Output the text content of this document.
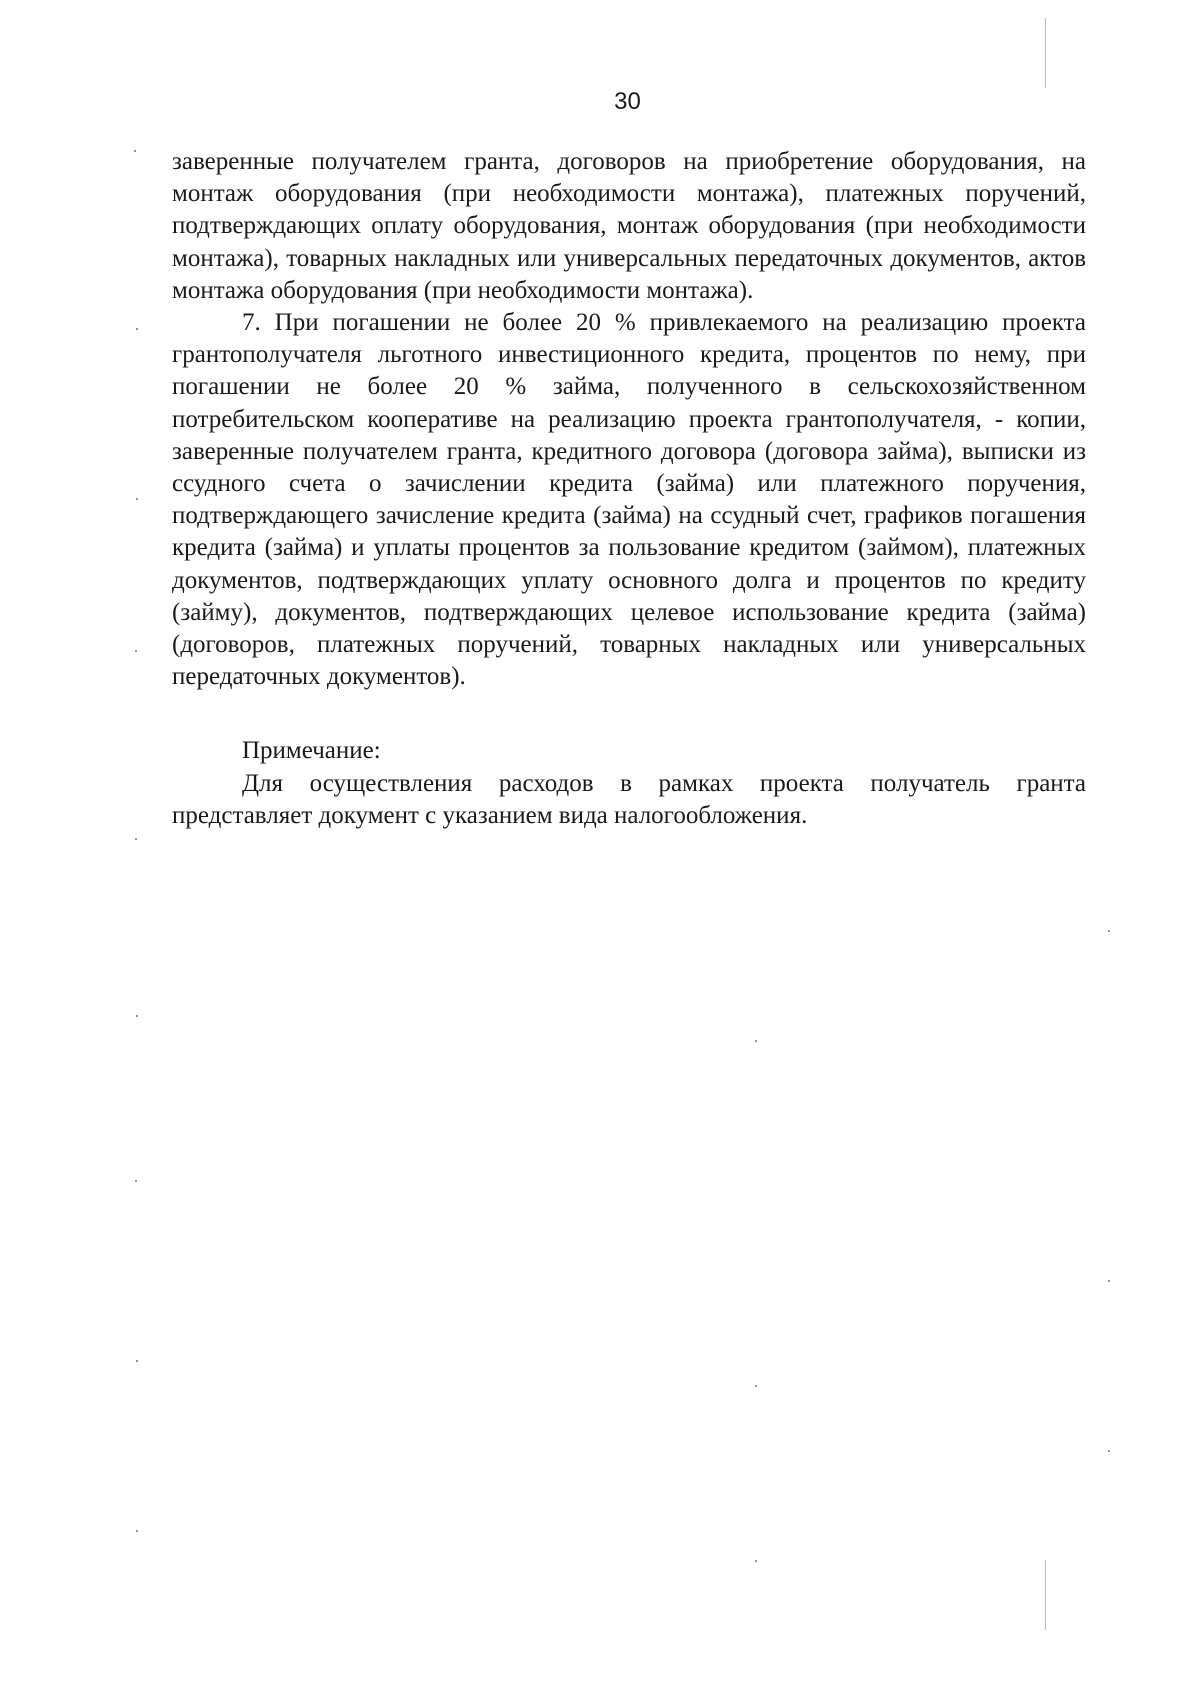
30

заверенные получателем гранта, договоров на приобретение оборудования, на монтаж оборудования (при необходимости монтажа), платежных поручений, подтверждающих оплату оборудования, монтаж оборудования (при необходимости монтажа), товарных накладных или универсальных передаточных документов, актов монтажа оборудования (при необходимости монтажа).

7. При погашении не более 20 % привлекаемого на реализацию проекта грантополучателя льготного инвестиционного кредита, процентов по нему, при погашении не более 20 % займа, полученного в сельскохозяйственном потребительском кооперативе на реализацию проекта грантополучателя, - копии, заверенные получателем гранта, кредитного договора (договора займа), выписки из ссудного счета о зачислении кредита (займа) или платежного поручения, подтверждающего зачисление кредита (займа) на ссудный счет, графиков погашения кредита (займа) и уплаты процентов за пользование кредитом (займом), платежных документов, подтверждающих уплату основного долга и процентов по кредиту (займу), документов, подтверждающих целевое использование кредита (займа) (договоров, платежных поручений, товарных накладных или универсальных передаточных документов).

Примечание:

Для осуществления расходов в рамках проекта получатель гранта представляет документ с указанием вида налогообложения.
